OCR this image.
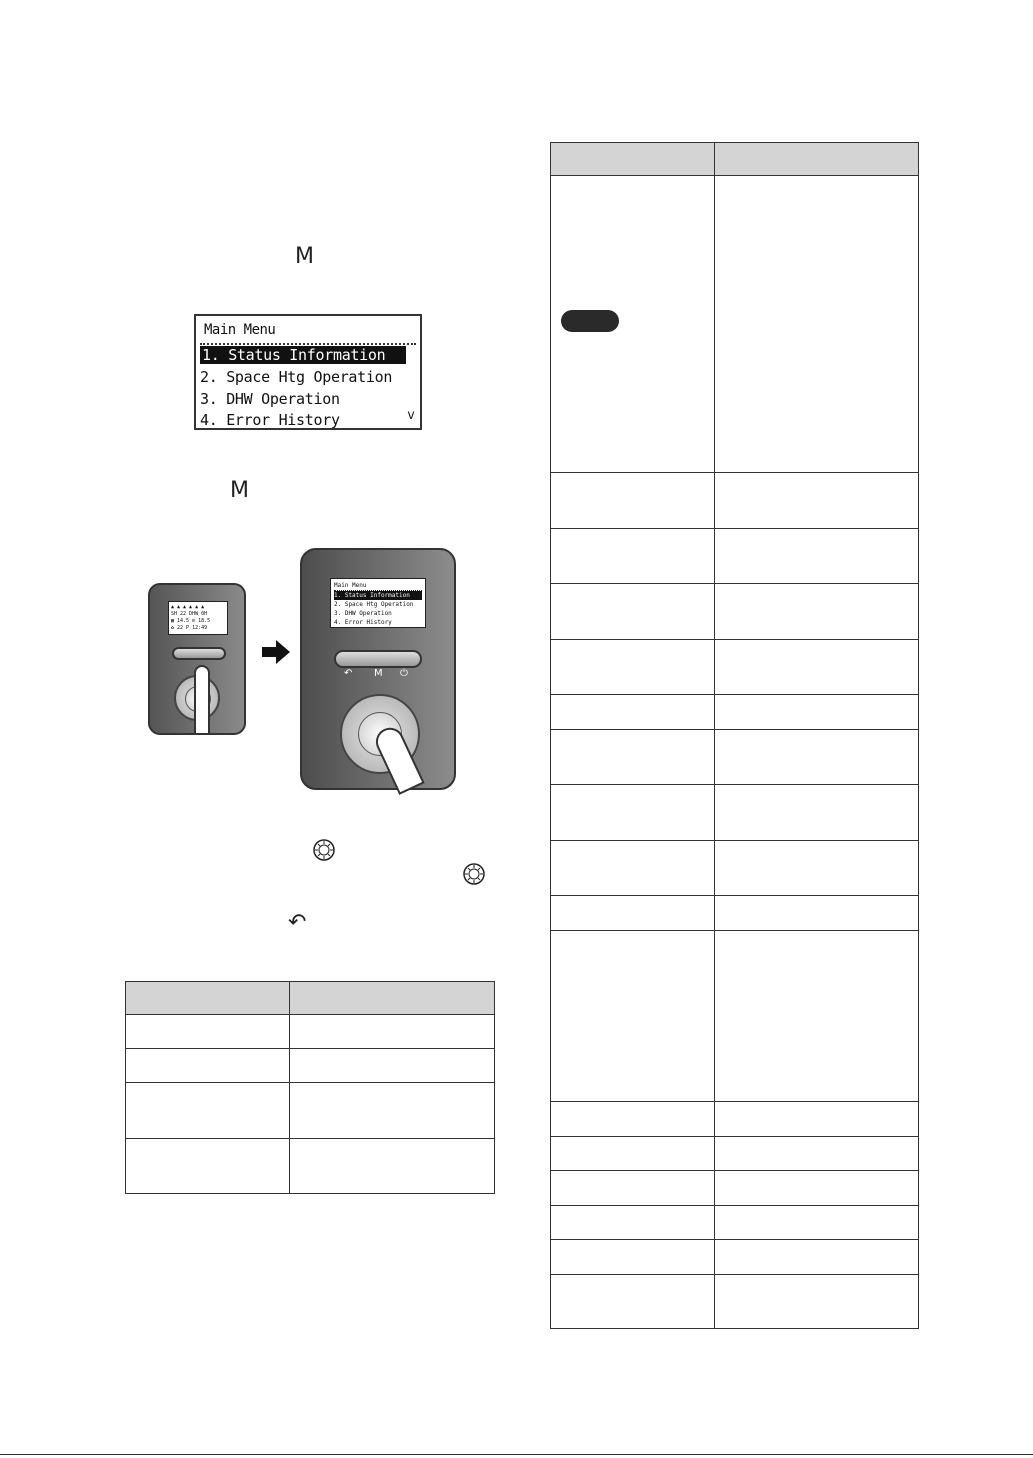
M
Main Menu
1. Status Information
2. Space Htg Operation
3. DHW Operation
4. Error History	v
M
▲ ▲ ▲ ▲ ▲ ▲
SH 22 DHW 0H
▦ 14.5 ⚙ 18.5
✿ 22 P 12:49
Main Menu
1. Status Information
2. Space Htg Operation
3. DHW Operation
4. Error History
↶ M ⏻
↶
